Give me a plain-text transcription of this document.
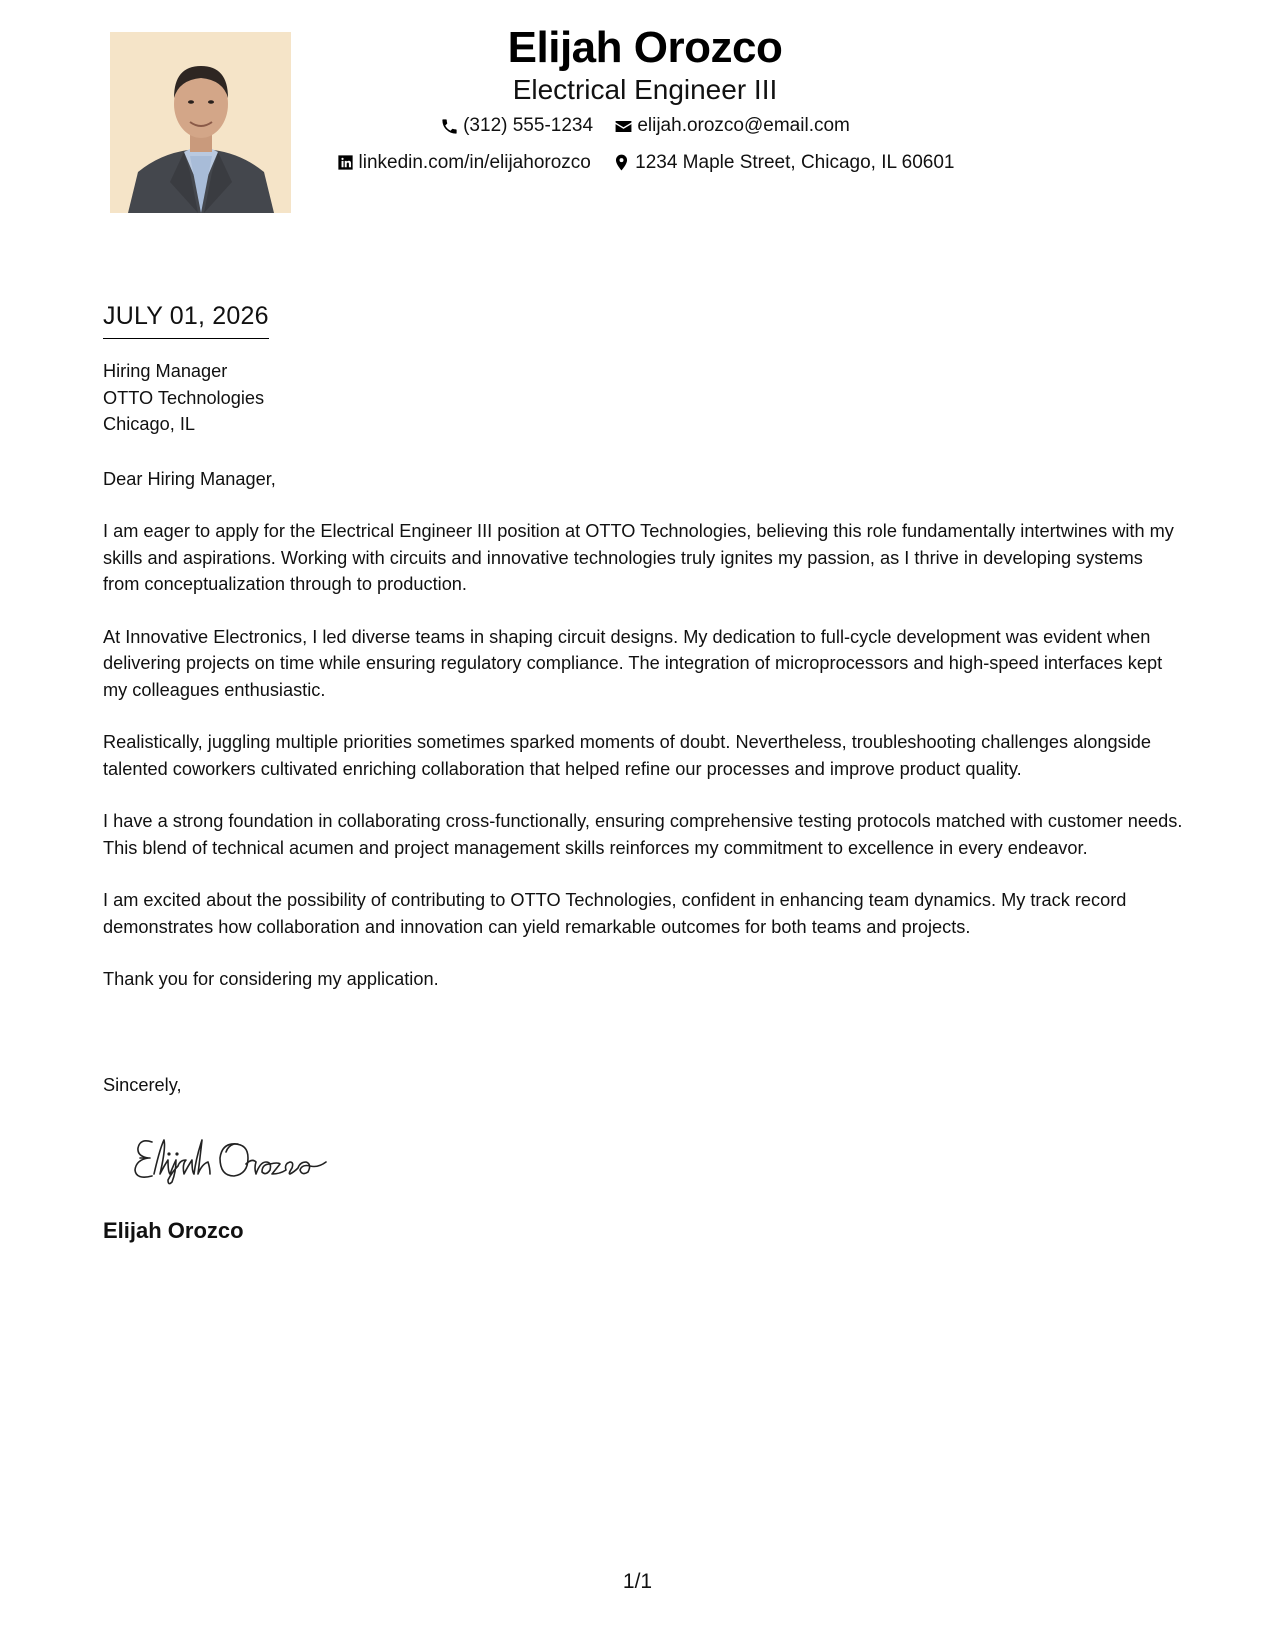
Elijah Orozco
Electrical Engineer III
(312) 555-1234
elijah.orozco@email.com
linkedin.com/in/elijahorozco
1234 Maple Street, Chicago, IL 60601
JULY 01, 2026
Hiring Manager
OTTO Technologies
Chicago, IL

Dear Hiring Manager,

I am eager to apply for the Electrical Engineer III position at OTTO Technologies, believing this role fundamentally intertwines with my skills and aspirations. Working with circuits and innovative technologies truly ignites my passion, as I thrive in developing systems from conceptualization through to production.

At Innovative Electronics, I led diverse teams in shaping circuit designs. My dedication to full-cycle development was evident when delivering projects on time while ensuring regulatory compliance. The integration of microprocessors and high-speed interfaces kept my colleagues enthusiastic.

Realistically, juggling multiple priorities sometimes sparked moments of doubt. Nevertheless, troubleshooting challenges alongside talented coworkers cultivated enriching collaboration that helped refine our processes and improve product quality.

I have a strong foundation in collaborating cross-functionally, ensuring comprehensive testing protocols matched with customer needs. This blend of technical acumen and project management skills reinforces my commitment to excellence in every endeavor.

I am excited about the possibility of contributing to OTTO Technologies, confident in enhancing team dynamics. My track record demonstrates how collaboration and innovation can yield remarkable outcomes for both teams and projects.

Thank you for considering my application.

Sincerely,
Elijah Orozco
1/1
